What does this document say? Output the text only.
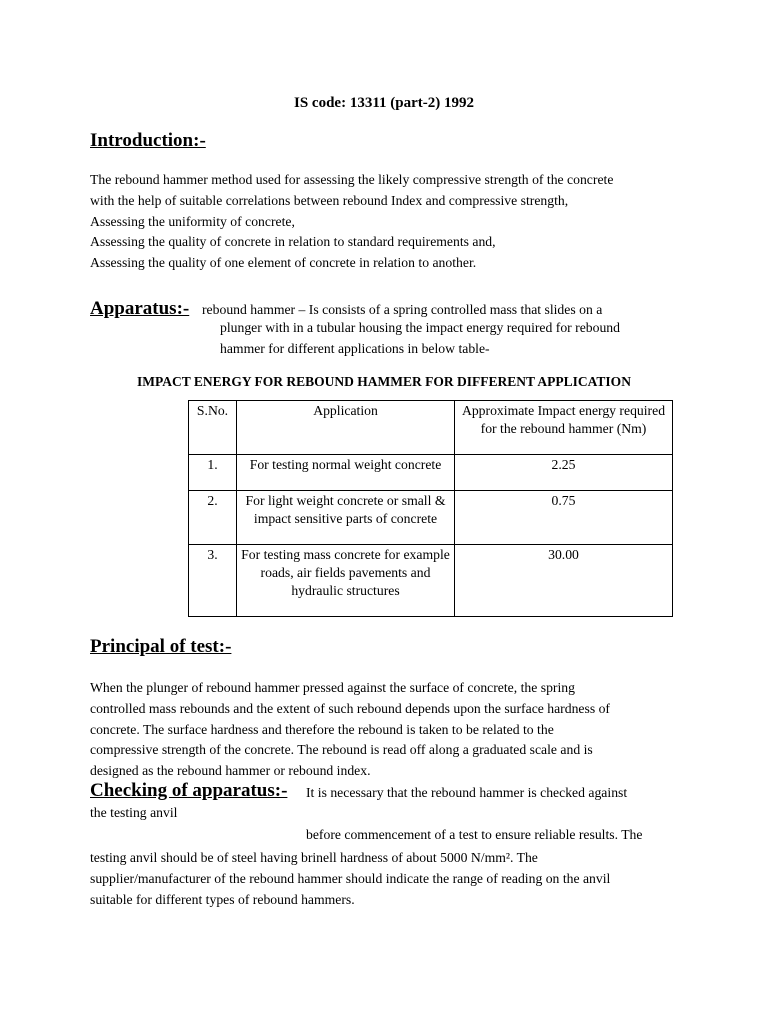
IS code: 13311 (part-2) 1992
Introduction:-
The rebound hammer method used for assessing the likely compressive strength of the concrete
with the help of suitable correlations between rebound Index and compressive strength,
Assessing the uniformity of concrete,
Assessing the quality of concrete in relation to standard requirements and,
Assessing the quality of one element of concrete in relation to another.
Apparatus:- rebound hammer – Is consists of a spring controlled mass that slides on a
plunger with in a tubular housing the impact energy required for rebound
hammer for different applications in below table-
IMPACT ENERGY FOR REBOUND HAMMER FOR DIFFERENT APPLICATION
S.No.	Application	Approximate Impact energy required for the rebound hammer (Nm)
1.	For testing normal weight concrete	2.25
2.	For light weight concrete or small & impact sensitive parts of concrete	0.75
3.	For testing mass concrete for example roads, air fields pavements and hydraulic structures	30.00
Principal of test:-
When the plunger of rebound hammer pressed against the surface of concrete, the spring
controlled mass rebounds and the extent of such rebound depends upon the surface hardness of
concrete. The surface hardness and therefore the rebound is taken to be related to the
compressive strength of the concrete. The rebound is read off along a graduated scale and is
designed as the rebound hammer or rebound index.
Checking of apparatus:- It is necessary that the rebound hammer is checked against
the testing anvil
before commencement of a test to ensure reliable results. The
testing anvil should be of steel having brinell hardness of about 5000 N/mm². The
supplier/manufacturer of the rebound hammer should indicate the range of reading on the anvil
suitable for different types of rebound hammers.
